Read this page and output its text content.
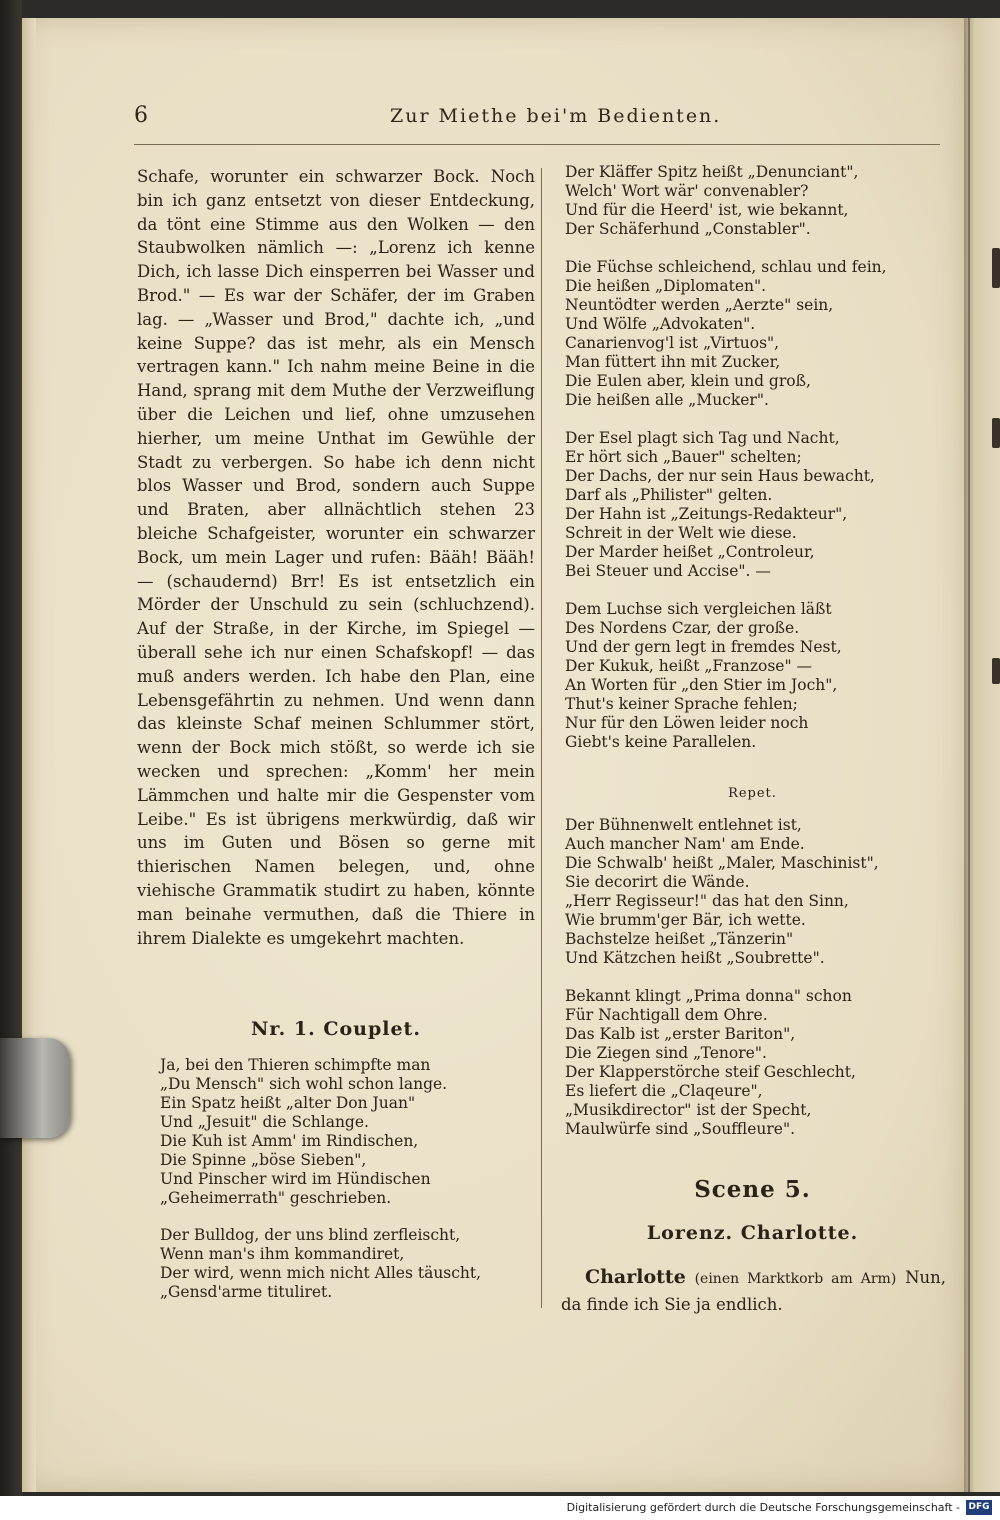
6	Zur Miethe bei'm Bedienten.

Schafe, worunter ein schwarzer Bock. Noch bin ich ganz entsetzt von dieser Entdeckung, da tönt eine Stimme aus den Wolken — den Staubwolken nämlich —: „Lorenz ich kenne Dich, ich lasse Dich einsperren bei Wasser und Brod." — Es war der Schäfer, der im Graben lag. — „Wasser und Brod," dachte ich, „und keine Suppe? das ist mehr, als ein Mensch vertragen kann." Ich nahm meine Beine in die Hand, sprang mit dem Muthe der Verzweiflung über die Leichen und lief, ohne umzusehen hierher, um meine Unthat im Gewühle der Stadt zu verbergen. So habe ich denn nicht blos Wasser und Brod, sondern auch Suppe und Braten, aber allnächtlich stehen 23 bleiche Schafgeister, worunter ein schwarzer Bock, um mein Lager und rufen: Bääh! Bääh! — (schaudernd) Brr! Es ist entsetzlich ein Mörder der Unschuld zu sein (schluchzend). Auf der Straße, in der Kirche, im Spiegel — überall sehe ich nur einen Schafskopf! — das muß anders werden. Ich habe den Plan, eine Lebensgefährtin zu nehmen. Und wenn dann das kleinste Schaf meinen Schlummer stört, wenn der Bock mich stößt, so werde ich sie wecken und sprechen: „Komm' her mein Lämmchen und halte mir die Gespenster vom Leibe." Es ist übrigens merkwürdig, daß wir uns im Guten und Bösen so gerne mit thierischen Namen belegen, und, ohne viehische Grammatik studirt zu haben, könnte man beinahe vermuthen, daß die Thiere in ihrem Dialekte es umgekehrt machten.

Nr. 1. Couplet.
Ja, bei den Thieren schimpfte man
„Du Mensch" sich wohl schon lange.
Ein Spatz heißt „alter Don Juan"
Und „Jesuit" die Schlange.
Die Kuh ist Amm' im Rindischen,
Die Spinne „böse Sieben",
Und Pinscher wird im Hündischen
„Geheimerrath" geschrieben.
Der Bulldog, der uns blind zerfleischt,
Wenn man's ihm kommandiret,
Der wird, wenn mich nicht Alles täuscht,
„Gensd'arme tituliret.
Der Kläffer Spitz heißt „Denunciant",
Welch' Wort wär' convenabler?
Und für die Heerd' ist, wie bekannt,
Der Schäferhund „Constabler".
Die Füchse schleichend, schlau und fein,
Die heißen „Diplomaten".
Neuntödter werden „Aerzte" sein,
Und Wölfe „Advokaten".
Canarienvog'l ist „Virtuos",
Man füttert ihn mit Zucker,
Die Eulen aber, klein und groß,
Die heißen alle „Mucker".
Der Esel plagt sich Tag und Nacht,
Er hört sich „Bauer" schelten;
Der Dachs, der nur sein Haus bewacht,
Darf als „Philister" gelten.
Der Hahn ist „Zeitungs-Redakteur",
Schreit in der Welt wie diese.
Der Marder heißet „Controleur,
Bei Steuer und Accise". —
Dem Luchse sich vergleichen läßt
Des Nordens Czar, der große.
Und der gern legt in fremdes Nest,
Der Kukuk, heißt „Franzose" —
An Worten für „den Stier im Joch",
Thut's keiner Sprache fehlen;
Nur für den Löwen leider noch
Giebt's keine Parallelen.
Repet.
Der Bühnenwelt entlehnet ist,
Auch mancher Nam' am Ende.
Die Schwalb' heißt „Maler, Maschinist",
Sie decorirt die Wände.
„Herr Regisseur!" das hat den Sinn,
Wie brumm'ger Bär, ich wette.
Bachstelze heißet „Tänzerin"
Und Kätzchen heißt „Soubrette".
Bekannt klingt „Prima donna" schon
Für Nachtigall dem Ohre.
Das Kalb ist „erster Bariton",
Die Ziegen sind „Tenore".
Der Klapperstörche steif Geschlecht,
Es liefert die „Claqeure",
„Musikdirector" ist der Specht,
Maulwürfe sind „Souffleure".
Scene 5.
Lorenz. Charlotte.
Charlotte (einen Marktkorb am Arm) Nun, da finde ich Sie ja endlich.
Digitalisierung gefördert durch die Deutsche Forschungsgemeinschaft - DFG
